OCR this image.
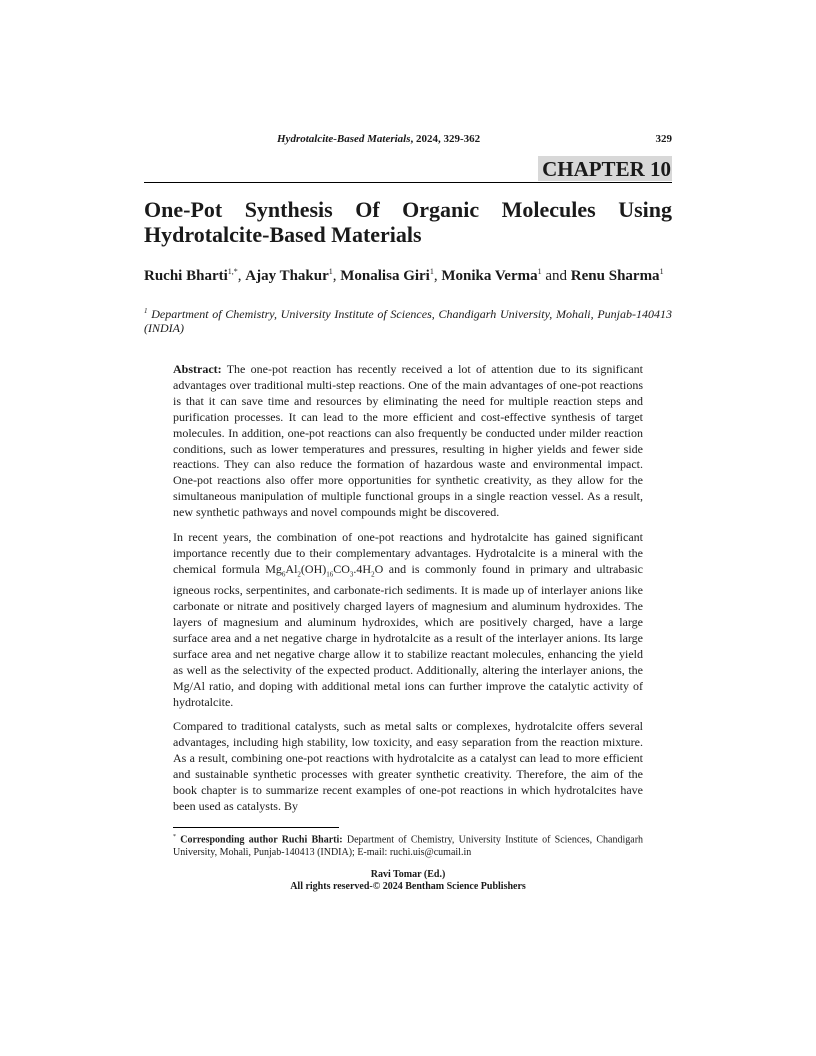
Hydrotalcite-Based Materials, 2024, 329-362	329
CHAPTER 10
One-Pot Synthesis Of Organic Molecules Using Hydrotalcite-Based Materials
Ruchi Bharti$^{1,*}$, Ajay Thakur$^1$, Monalisa Giri$^1$, Monika Verma$^1$ and Renu Sharma$^1$
$^1$ Department of Chemistry, University Institute of Sciences, Chandigarh University, Mohali, Punjab-140413 (INDIA)

Abstract: The one-pot reaction has recently received a lot of attention due to its significant advantages over traditional multi-step reactions. One of the main advantages of one-pot reactions is that it can save time and resources by eliminating the need for multiple reaction steps and purification processes. It can lead to the more efficient and cost-effective synthesis of target molecules. In addition, one-pot reactions can also frequently be conducted under milder reaction conditions, such as lower temperatures and pressures, resulting in higher yields and fewer side reactions. They can also reduce the formation of hazardous waste and environmental impact. One-pot reactions also offer more opportunities for synthetic creativity, as they allow for the simultaneous manipulation of multiple functional groups in a single reaction vessel. As a result, new synthetic pathways and novel compounds might be discovered.

In recent years, the combination of one-pot reactions and hydrotalcite has gained significant importance recently due to their complementary advantages. Hydrotalcite is a mineral with the chemical formula $Mg_6Al_2(OH)_{16}CO_3.4H_2O$ and is commonly found in primary and ultrabasic igneous rocks, serpentinites, and carbonate-rich sediments. It is made up of interlayer anions like carbonate or nitrate and positively charged layers of magnesium and aluminum hydroxides. The layers of magnesium and aluminum hydroxides, which are positively charged, have a large surface area and a net negative charge in hydrotalcite as a result of the interlayer anions. Its large surface area and net negative charge allow it to stabilize reactant molecules, enhancing the yield as well as the selectivity of the expected product. Additionally, altering the interlayer anions, the Mg/Al ratio, and doping with additional metal ions can further improve the catalytic activity of hydrotalcite.

Compared to traditional catalysts, such as metal salts or complexes, hydrotalcite offers several advantages, including high stability, low toxicity, and easy separation from the reaction mixture. As a result, combining one-pot reactions with hydrotalcite as a catalyst can lead to more efficient and sustainable synthetic processes with greater synthetic creativity. Therefore, the aim of the book chapter is to summarize recent examples of one-pot reactions in which hydrotalcites have been used as catalysts. By

* Corresponding author Ruchi Bharti: Department of Chemistry, University Institute of Sciences, Chandigarh University, Mohali, Punjab-140413 (INDIA); E-mail: ruchi.uis@cumail.in
Ravi Tomar (Ed.)
All rights reserved-© 2024 Bentham Science Publishers
